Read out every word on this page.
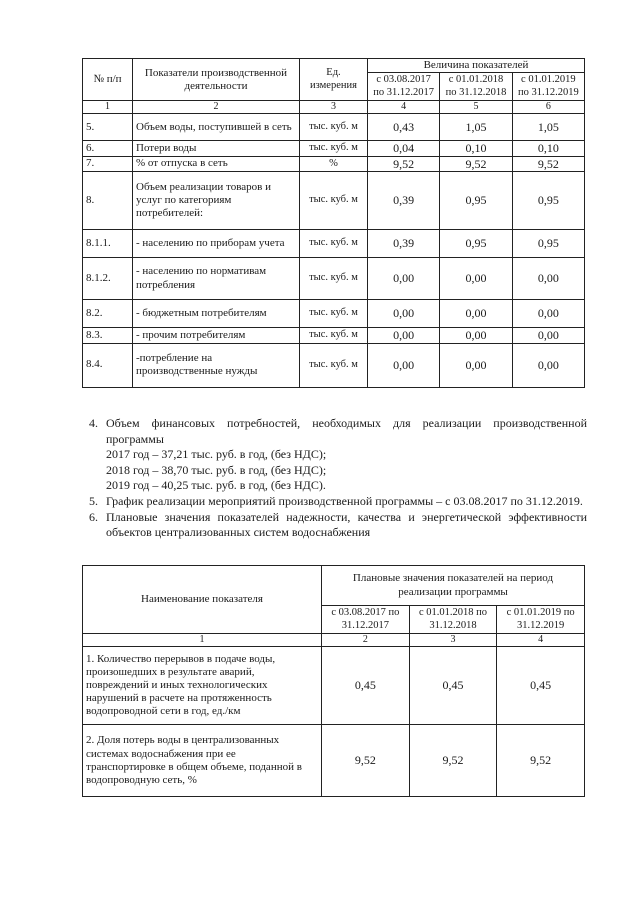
№ п/п	Показатели производственной деятельности	Ед. измерения	Величина показателей		
			с 03.08.2017 по 31.12.2017	с 01.01.2018 по 31.12.2018	с 01.01.2019 по 31.12.2019
1	2	3	4	5	6
5.	Объем воды, поступившей в сеть	тыс. куб. м	0,43	1,05	1,05
6.	Потери воды	тыс. куб. м	0,04	0,10	0,10
7.	% от отпуска в сеть	%	9,52	9,52	9,52
8.	Объем реализации товаров и услуг по категориям потребителей:	тыс. куб. м	0,39	0,95	0,95
8.1.1.	- населению по приборам учета	тыс. куб. м	0,39	0,95	0,95
8.1.2.	- населению по нормативам потребления	тыс. куб. м	0,00	0,00	0,00
8.2.	- бюджетным потребителям	тыс. куб. м	0,00	0,00	0,00
8.3.	- прочим потребителям	тыс. куб. м	0,00	0,00	0,00
8.4.	-потребление на производственные нужды	тыс. куб. м	0,00	0,00	0,00
4. Объем финансовых потребностей, необходимых для реализации производственной программы
2017 год – 37,21 тыс. руб. в год, (без НДС);
2018 год – 38,70 тыс. руб. в год, (без НДС);
2019 год – 40,25 тыс. руб. в год, (без НДС).
5. График реализации мероприятий производственной программы – с 03.08.2017 по 31.12.2019.
6. Плановые значения показателей надежности, качества и энергетической эффективности объектов централизованных систем водоснабжения
Наименование показателя	Плановые значения показателей на период реализации программы		
	с 03.08.2017 по 31.12.2017	с 01.01.2018 по 31.12.2018	с 01.01.2019 по 31.12.2019
1	2	3	4
1. Количество перерывов в подаче воды, произошедших в результате аварий, повреждений и иных технологических нарушений в расчете на протяженность водопроводной сети в год, ед./км	0,45	0,45	0,45
2. Доля потерь воды в централизованных системах водоснабжения при ее транспортировке в общем объеме, поданной в водопроводную сеть, %	9,52	9,52	9,52
